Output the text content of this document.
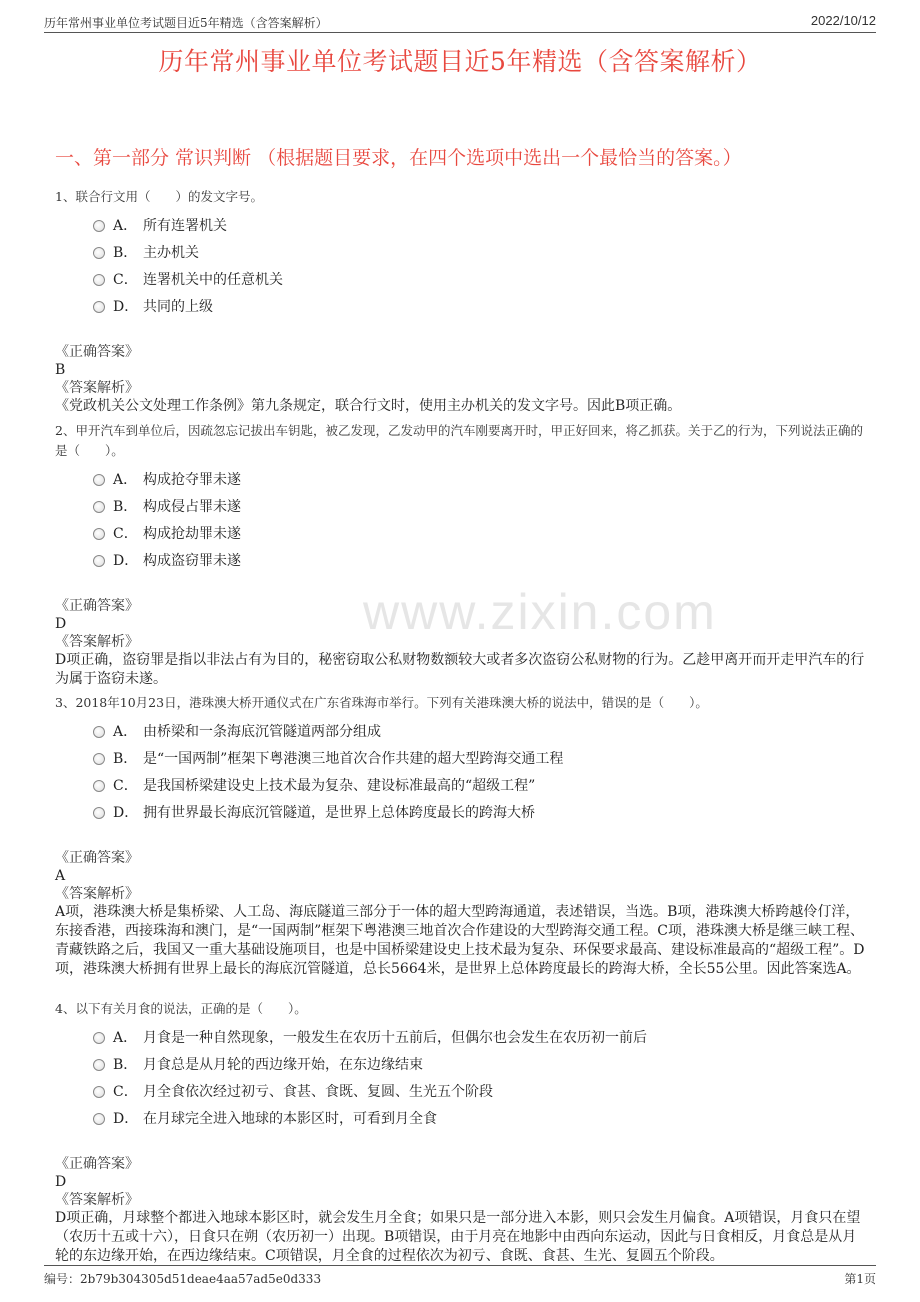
历年常州事业单位考试题目近5年精选（含答案解析）	2022/10/12
历年常州事业单位考试题目近5年精选（含答案解析）
www.zixin.com
一、第一部分 常识判断 （根据题目要求，在四个选项中选出一个最恰当的答案。）
1、联合行文用（　　）的发文字号。
A． 所有连署机关
B． 主办机关
C． 连署机关中的任意机关
D． 共同的上级
《正确答案》
B
《答案解析》
《党政机关公文处理工作条例》第九条规定，联合行文时，使用主办机关的发文字号。因此B项正确。
2、甲开汽车到单位后，因疏忽忘记拔出车钥匙，被乙发现，乙发动甲的汽车刚要离开时，甲正好回来，将乙抓获。关于乙的行为，下列说法正确的是（　　）。
A． 构成抢夺罪未遂
B． 构成侵占罪未遂
C． 构成抢劫罪未遂
D． 构成盗窃罪未遂
《正确答案》
D
《答案解析》
D项正确，盗窃罪是指以非法占有为目的，秘密窃取公私财物数额较大或者多次盗窃公私财物的行为。乙趁甲离开而开走甲汽车的行为属于盗窃未遂。
3、2018年10月23日，港珠澳大桥开通仪式在广东省珠海市举行。下列有关港珠澳大桥的说法中，错误的是（　　）。
A． 由桥梁和一条海底沉管隧道两部分组成
B． 是“一国两制”框架下粤港澳三地首次合作共建的超大型跨海交通工程
C． 是我国桥梁建设史上技术最为复杂、建设标准最高的“超级工程”
D． 拥有世界最长海底沉管隧道，是世界上总体跨度最长的跨海大桥
《正确答案》
A
《答案解析》
A项，港珠澳大桥是集桥梁、人工岛、海底隧道三部分于一体的超大型跨海通道，表述错误，当选。B项，港珠澳大桥跨越伶仃洋，东接香港，西接珠海和澳门，是“一国两制”框架下粤港澳三地首次合作建设的大型跨海交通工程。C项，港珠澳大桥是继三峡工程、青藏铁路之后，我国又一重大基础设施项目，也是中国桥梁建设史上技术最为复杂、环保要求最高、建设标准最高的“超级工程”。D项，港珠澳大桥拥有世界上最长的海底沉管隧道，总长5664米，是世界上总体跨度最长的跨海大桥，全长55公里。因此答案选A。
4、以下有关月食的说法，正确的是（　　）。
A． 月食是一种自然现象，一般发生在农历十五前后，但偶尔也会发生在农历初一前后
B． 月食总是从月轮的西边缘开始，在东边缘结束
C． 月全食依次经过初亏、食甚、食既、复圆、生光五个阶段
D． 在月球完全进入地球的本影区时，可看到月全食
《正确答案》
D
《答案解析》
D项正确，月球整个都进入地球本影区时，就会发生月全食；如果只是一部分进入本影，则只会发生月偏食。A项错误，月食只在望（农历十五或十六），日食只在朔（农历初一）出现。B项错误，由于月亮在地影中由西向东运动，因此与日食相反，月食总是从月轮的东边缘开始，在西边缘结束。C项错误，月全食的过程依次为初亏、食既、食甚、生光、复圆五个阶段。
编号：2b79b304305d51deae4aa57ad5e0d333	第1页
